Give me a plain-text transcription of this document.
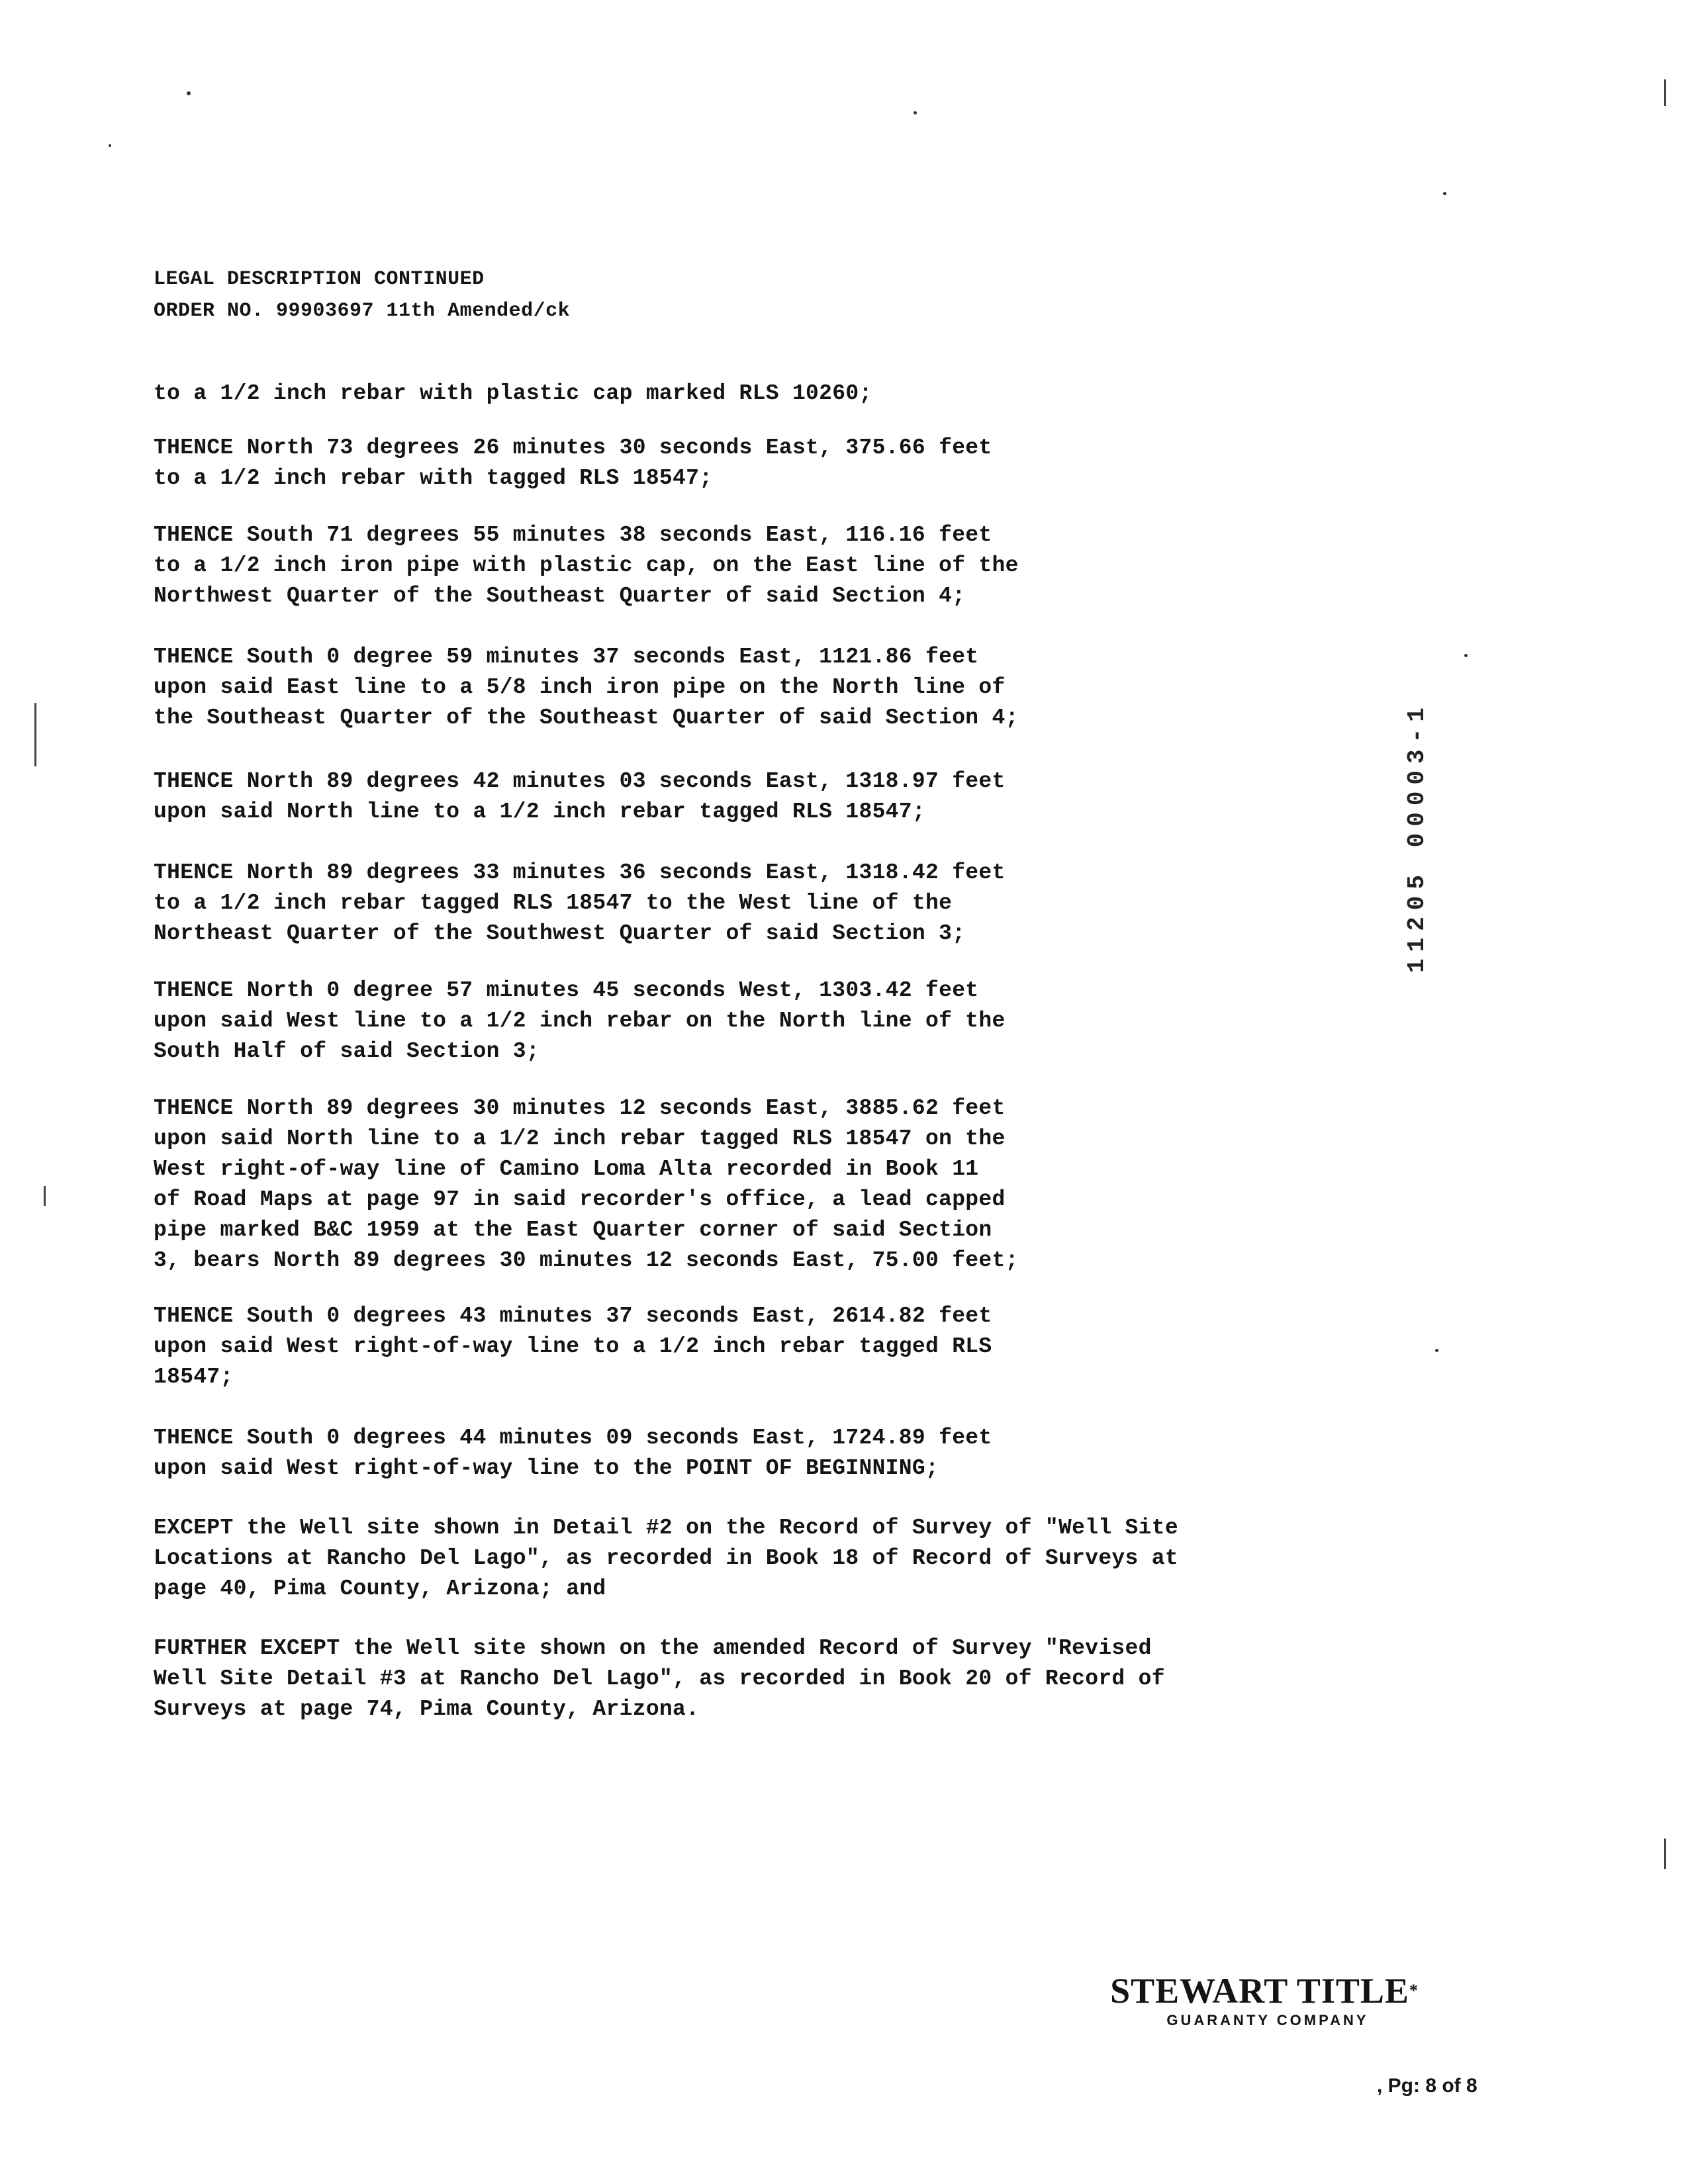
LEGAL DESCRIPTION CONTINUED
ORDER NO. 99903697 11th Amended/ck
to a 1/2 inch rebar with plastic cap marked RLS 10260;
THENCE North 73 degrees 26 minutes 30 seconds East, 375.66 feet
to a 1/2 inch rebar with tagged RLS 18547;
THENCE South 71 degrees 55 minutes 38 seconds East, 116.16 feet
to a 1/2 inch iron pipe with plastic cap, on the East line of the
Northwest Quarter of the Southeast Quarter of said Section 4;
THENCE South 0 degree 59 minutes 37 seconds East, 1121.86 feet
upon said East line to a 5/8 inch iron pipe on the North line of
the Southeast Quarter of the Southeast Quarter of said Section 4;
THENCE North 89 degrees 42 minutes 03 seconds East, 1318.97 feet
upon said North line to a 1/2 inch rebar tagged RLS 18547;
THENCE North 89 degrees 33 minutes 36 seconds East, 1318.42 feet
to a 1/2 inch rebar tagged RLS 18547 to the West line of the
Northeast Quarter of the Southwest Quarter of said Section 3;
THENCE North 0 degree 57 minutes 45 seconds West, 1303.42 feet
upon said West line to a 1/2 inch rebar on the North line of the
South Half of said Section 3;
THENCE North 89 degrees 30 minutes 12 seconds East, 3885.62 feet
upon said North line to a 1/2 inch rebar tagged RLS 18547 on the
West right-of-way line of Camino Loma Alta recorded in Book 11
of Road Maps at page 97 in said recorder's office, a lead capped
pipe marked B&C 1959 at the East Quarter corner of said Section
3, bears North 89 degrees 30 minutes 12 seconds East, 75.00 feet;
THENCE South 0 degrees 43 minutes 37 seconds East, 2614.82 feet
upon said West right-of-way line to a 1/2 inch rebar tagged RLS
18547;
THENCE South 0 degrees 44 minutes 09 seconds East, 1724.89 feet
upon said West right-of-way line to the POINT OF BEGINNING;
EXCEPT the Well site shown in Detail #2 on the Record of Survey of "Well Site
Locations at Rancho Del Lago", as recorded in Book 18 of Record of Surveys at
page 40, Pima County, Arizona; and
FURTHER EXCEPT the Well site shown on the amended Record of Survey "Revised
Well Site Detail #3 at Rancho Del Lago", as recorded in Book 20 of Record of
Surveys at page 74, Pima County, Arizona.
11205 00003-1
STEWART TITLE*
GUARANTY COMPANY
, Pg: 8 of 8
